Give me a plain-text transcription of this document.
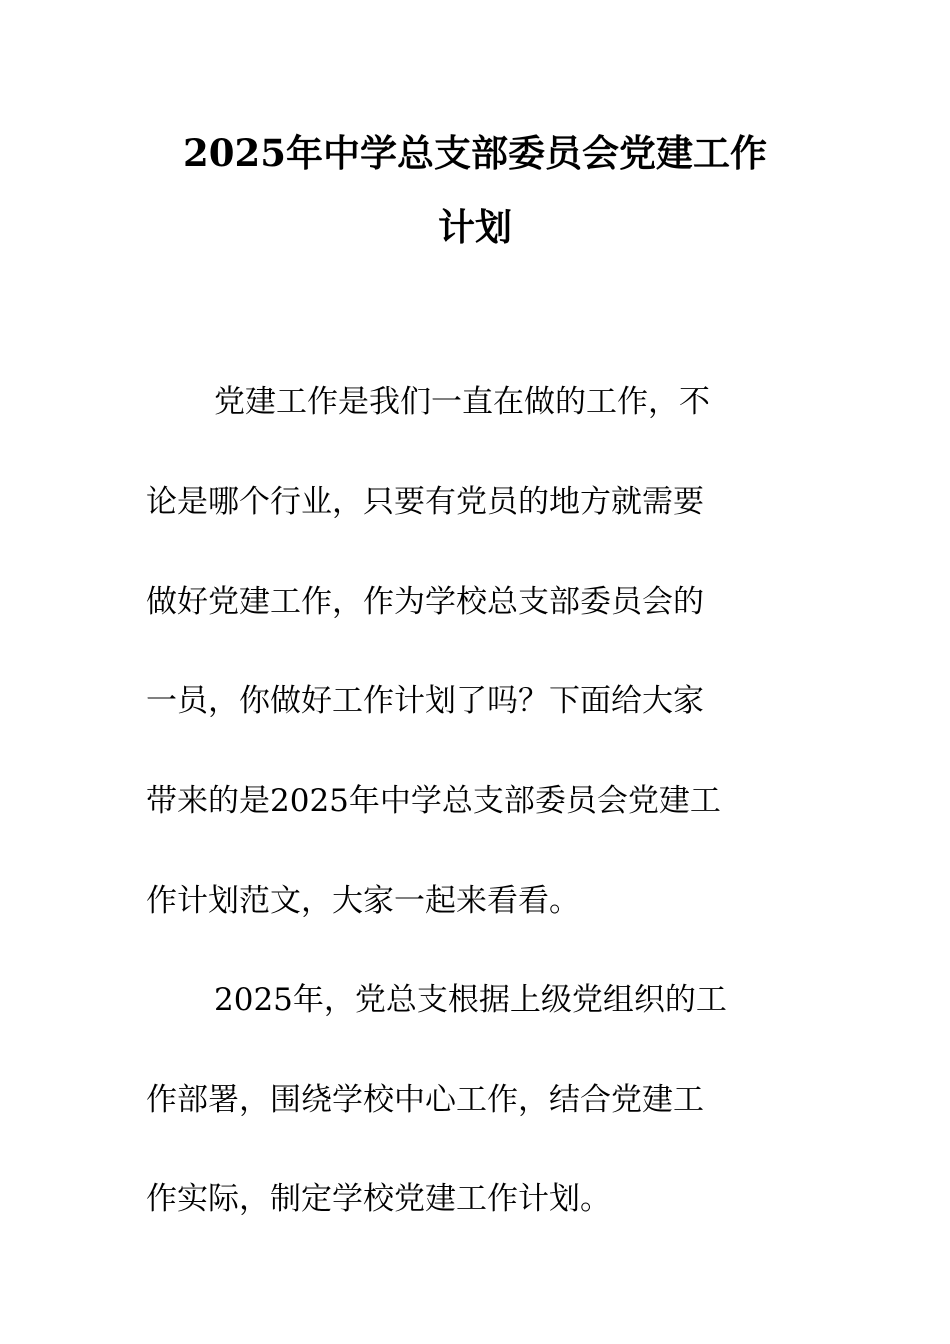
2025年中学总支部委员会党建工作
计划

党建工作是我们一直在做的工作，不

论是哪个行业，只要有党员的地方就需要

做好党建工作，作为学校总支部委员会的

一员，你做好工作计划了吗？下面给大家

带来的是2025年中学总支部委员会党建工

作计划范文，大家一起来看看。

2025年，党总支根据上级党组织的工

作部署，围绕学校中心工作，结合党建工

作实际，制定学校党建工作计划。
